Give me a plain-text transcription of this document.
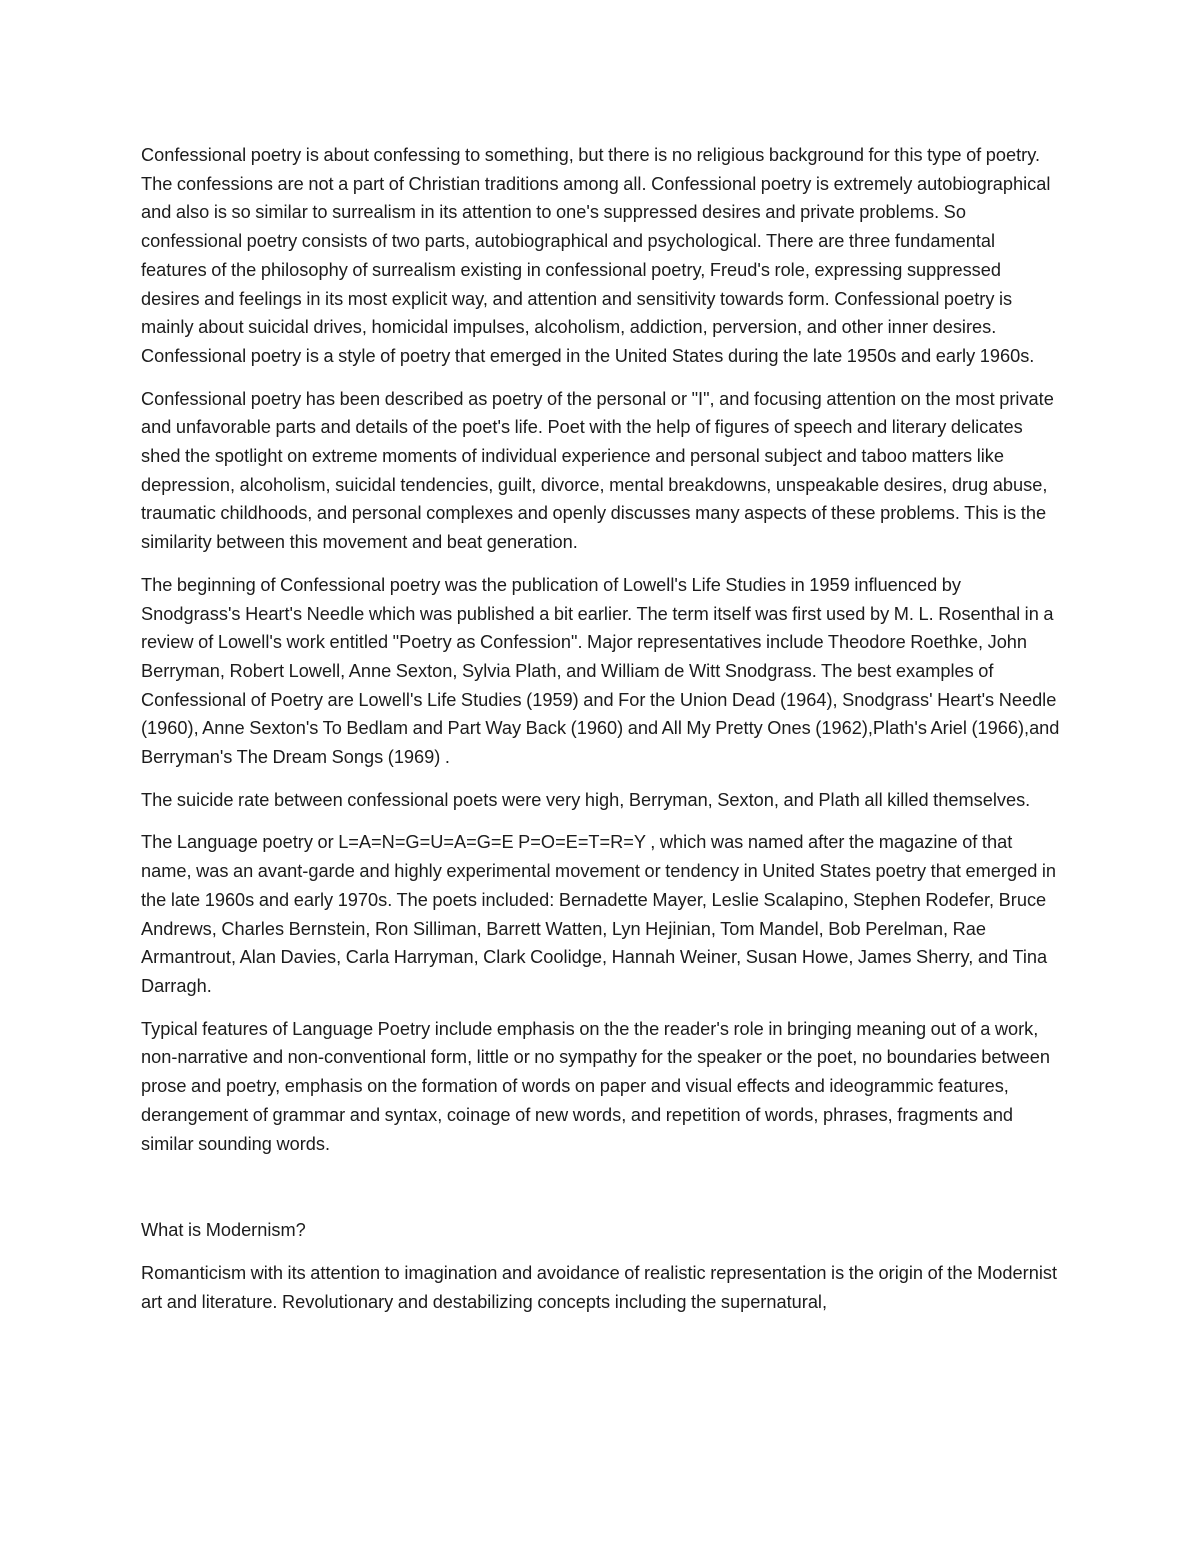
Confessional poetry is about confessing to something, but there is no religious background for this type of poetry. The confessions are not a part of Christian traditions among all. Confessional poetry is extremely autobiographical and also is so similar to surrealism in its attention to one's suppressed desires and private problems. So confessional poetry consists of two parts, autobiographical and psychological. There are three fundamental features of the philosophy of surrealism existing in confessional poetry, Freud's role, expressing suppressed desires and feelings in its most explicit way, and attention and sensitivity towards form. Confessional poetry is mainly about suicidal drives, homicidal impulses, alcoholism, addiction, perversion, and other inner desires. Confessional poetry is a style of poetry that emerged in the United States during the late 1950s and early 1960s.

Confessional poetry has been described as poetry of the personal or "I", and focusing attention on the most private and unfavorable parts and details of the poet's life. Poet with the help of figures of speech and literary delicates shed the spotlight on extreme moments of individual experience and personal subject and taboo matters like depression, alcoholism, suicidal tendencies, guilt, divorce, mental breakdowns, unspeakable desires, drug abuse, traumatic childhoods, and personal complexes and openly discusses many aspects of these problems. This is the similarity between this movement and beat generation.

The beginning of Confessional poetry was the publication of Lowell's Life Studies in 1959 influenced by Snodgrass's Heart's Needle which was published a bit earlier. The term itself was first used by M. L. Rosenthal in a review of Lowell's work entitled "Poetry as Confession". Major representatives include Theodore Roethke, John Berryman, Robert Lowell, Anne Sexton, Sylvia Plath, and William de Witt Snodgrass. The best examples of Confessional of Poetry are Lowell's Life Studies (1959) and For the Union Dead (1964), Snodgrass' Heart's Needle (1960), Anne Sexton's To Bedlam and Part Way Back (1960) and All My Pretty Ones (1962),Plath's Ariel (1966),and Berryman's The Dream Songs (1969) .

The suicide rate between confessional poets were very high, Berryman, Sexton, and Plath all killed themselves.

The Language poetry or L=A=N=G=U=A=G=E P=O=E=T=R=Y , which was named after the magazine of that name, was an avant-garde and highly experimental movement or tendency in United States poetry that emerged in the late 1960s and early 1970s. The poets included: Bernadette Mayer, Leslie Scalapino, Stephen Rodefer, Bruce Andrews, Charles Bernstein, Ron Silliman, Barrett Watten, Lyn Hejinian, Tom Mandel, Bob Perelman, Rae Armantrout, Alan Davies, Carla Harryman, Clark Coolidge, Hannah Weiner, Susan Howe, James Sherry, and Tina Darragh.

Typical features of Language Poetry include emphasis on the the reader's role in bringing meaning out of a work, non-narrative and non-conventional form, little or no sympathy for the speaker or the poet, no boundaries between prose and poetry, emphasis on the formation of words on paper and visual effects and ideogrammic features, derangement of grammar and syntax, coinage of new words, and repetition of words, phrases, fragments and similar sounding words.

What is Modernism?

Romanticism with its attention to imagination and avoidance of realistic representation is the origin of the Modernist art and literature. Revolutionary and destabilizing concepts including the supernatural,
